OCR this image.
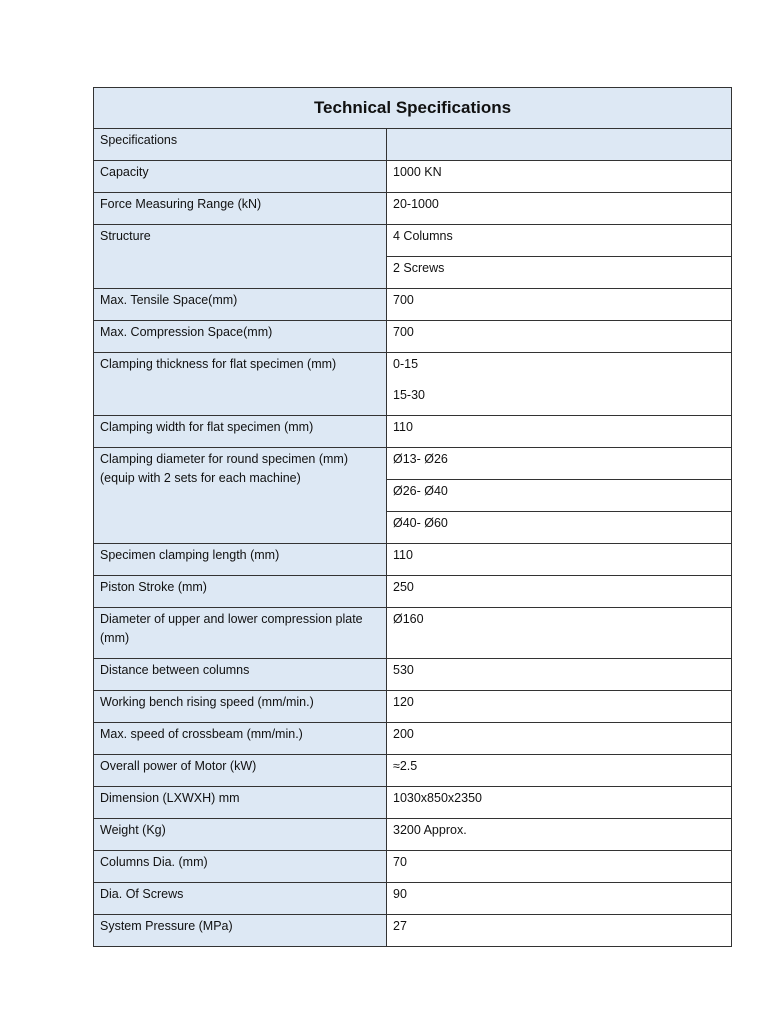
Technical Specifications	

Specifications	

Capacity	1000 KN

Force Measuring Range (kN)	20-1000

Structure	4 Columns

	2 Screws

Max. Tensile Space(mm)	700

Max. Compression Space(mm)	700

Clamping thickness for flat specimen (mm)	0-15
15-30

Clamping width for flat specimen (mm)	110

Clamping diameter for round specimen (mm) (equip with 2 sets for each machine)	Ø13- Ø26

	Ø26- Ø40

	Ø40- Ø60

Specimen clamping length (mm)	110

Piston Stroke (mm)	250

Diameter of upper and lower compression plate (mm)	Ø160

Distance between columns	530

Working bench rising speed (mm/min.)	120

Max. speed of crossbeam (mm/min.)	200

Overall power of Motor (kW)	≈2.5

Dimension (LXWXH) mm	1030x850x2350

Weight (Kg)	3200 Approx.

Columns Dia. (mm)	70

Dia. Of Screws	90

System Pressure (MPa)	27
